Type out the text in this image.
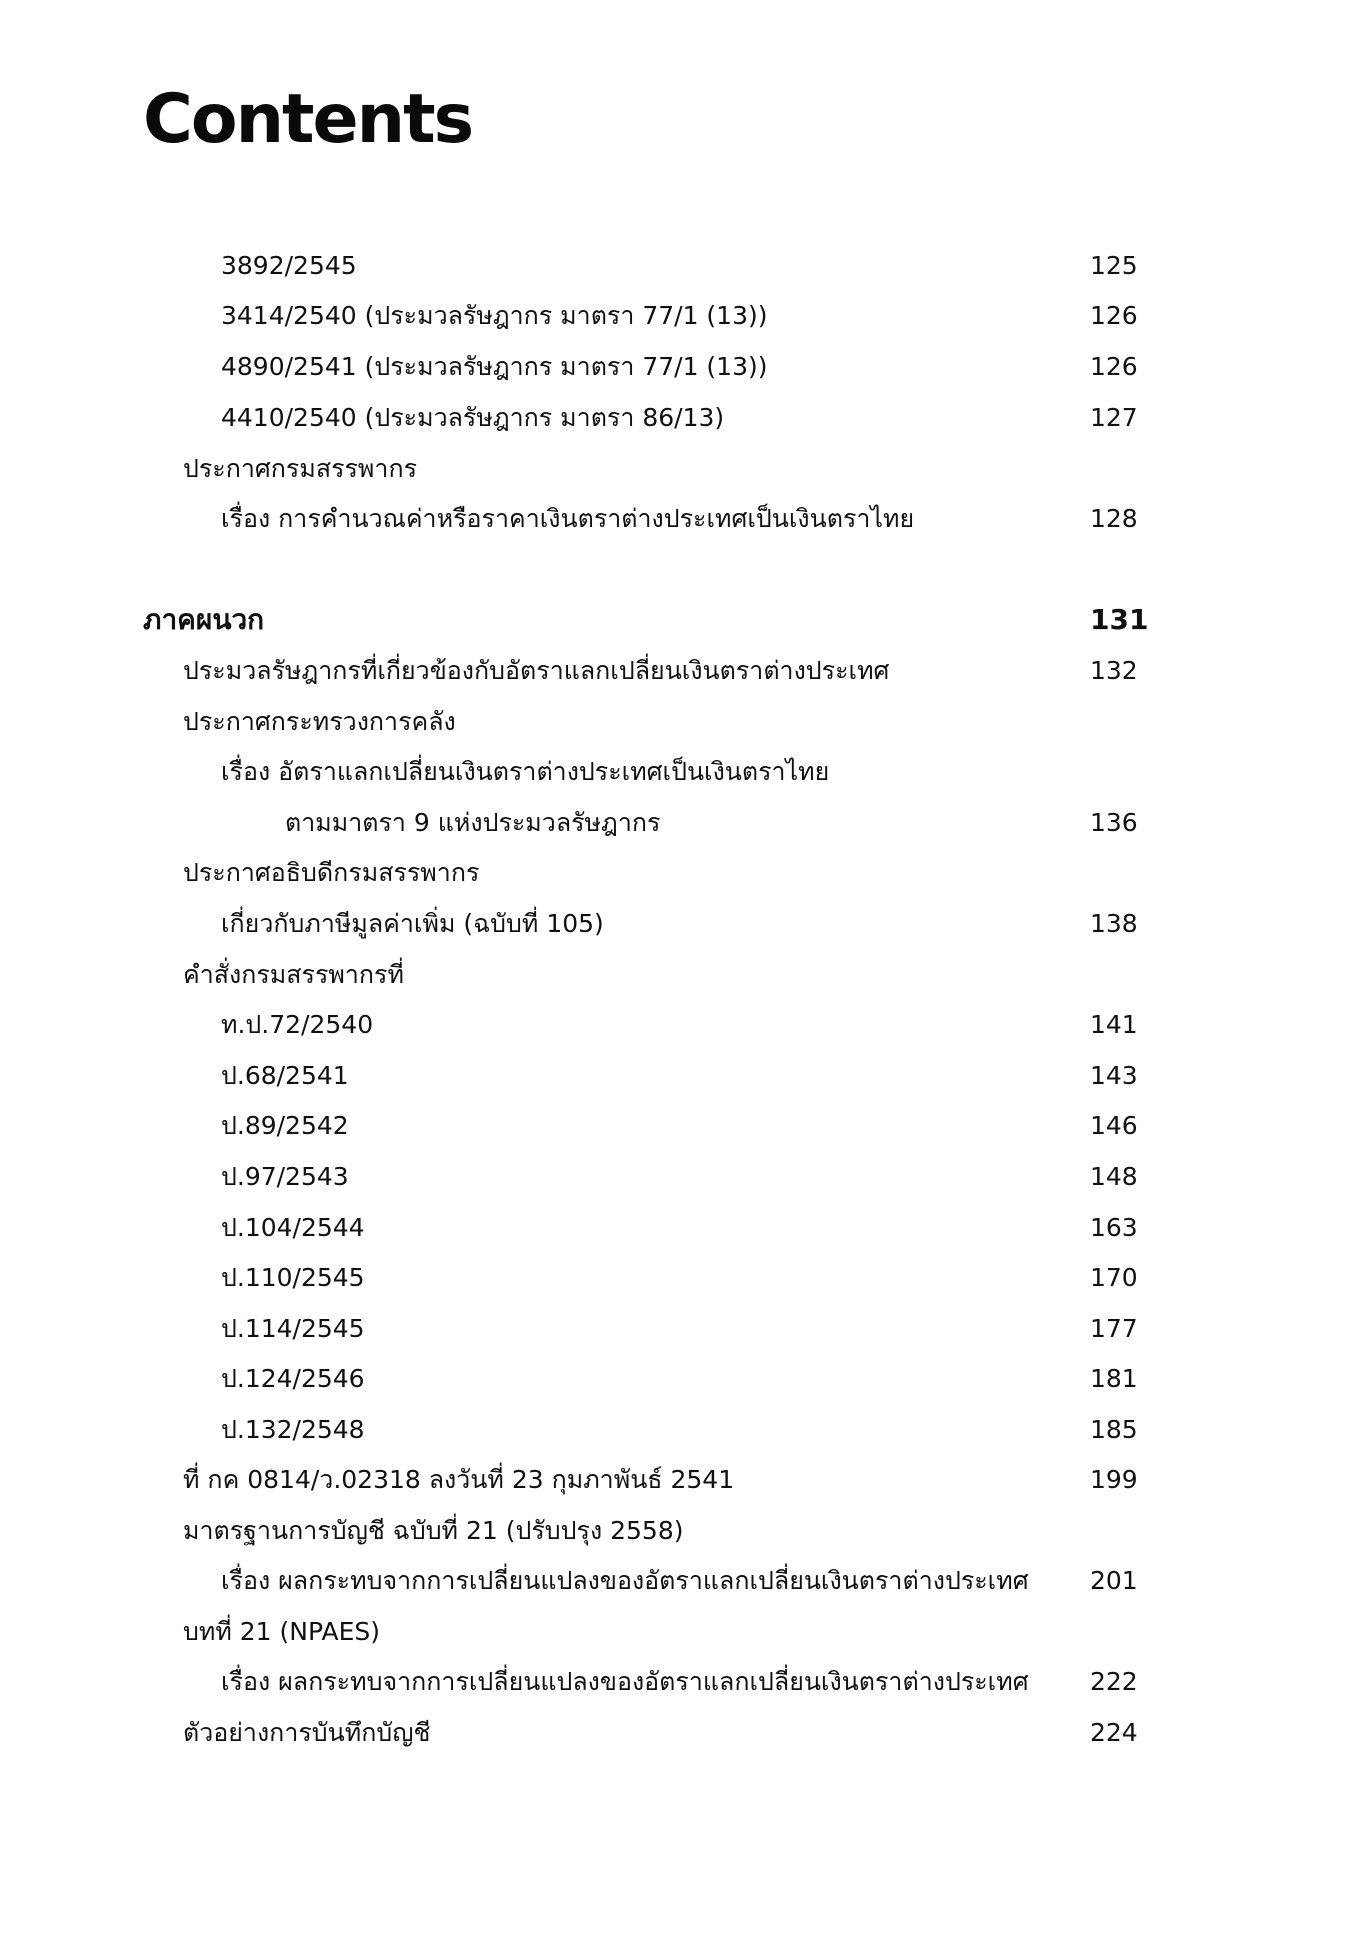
Contents
3892/2545	125
3414/2540 (ประมวลรัษฎากร มาตรา 77/1 (13))	126
4890/2541 (ประมวลรัษฎากร มาตรา 77/1 (13))	126
4410/2540 (ประมวลรัษฎากร มาตรา 86/13)	127
ประกาศกรมสรรพากร
เรื่อง การคำนวณค่าหรือราคาเงินตราต่างประเทศเป็นเงินตราไทย	128
ภาคผนวก	131
ประมวลรัษฎากรที่เกี่ยวข้องกับอัตราแลกเปลี่ยนเงินตราต่างประเทศ	132
ประกาศกระทรวงการคลัง
เรื่อง อัตราแลกเปลี่ยนเงินตราต่างประเทศเป็นเงินตราไทย
ตามมาตรา 9 แห่งประมวลรัษฎากร	136
ประกาศอธิบดีกรมสรรพากร
เกี่ยวกับภาษีมูลค่าเพิ่ม (ฉบับที่ 105)	138
คำสั่งกรมสรรพากรที่
ท.ป.72/2540	141
ป.68/2541	143
ป.89/2542	146
ป.97/2543	148
ป.104/2544	163
ป.110/2545	170
ป.114/2545	177
ป.124/2546	181
ป.132/2548	185
ที่ กค 0814/ว.02318 ลงวันที่ 23 กุมภาพันธ์ 2541	199
มาตรฐานการบัญชี ฉบับที่ 21 (ปรับปรุง 2558)
เรื่อง ผลกระทบจากการเปลี่ยนแปลงของอัตราแลกเปลี่ยนเงินตราต่างประเทศ 201
บทที่ 21 (NPAES)
เรื่อง ผลกระทบจากการเปลี่ยนแปลงของอัตราแลกเปลี่ยนเงินตราต่างประเทศ 222
ตัวอย่างการบันทึกบัญชี	224
